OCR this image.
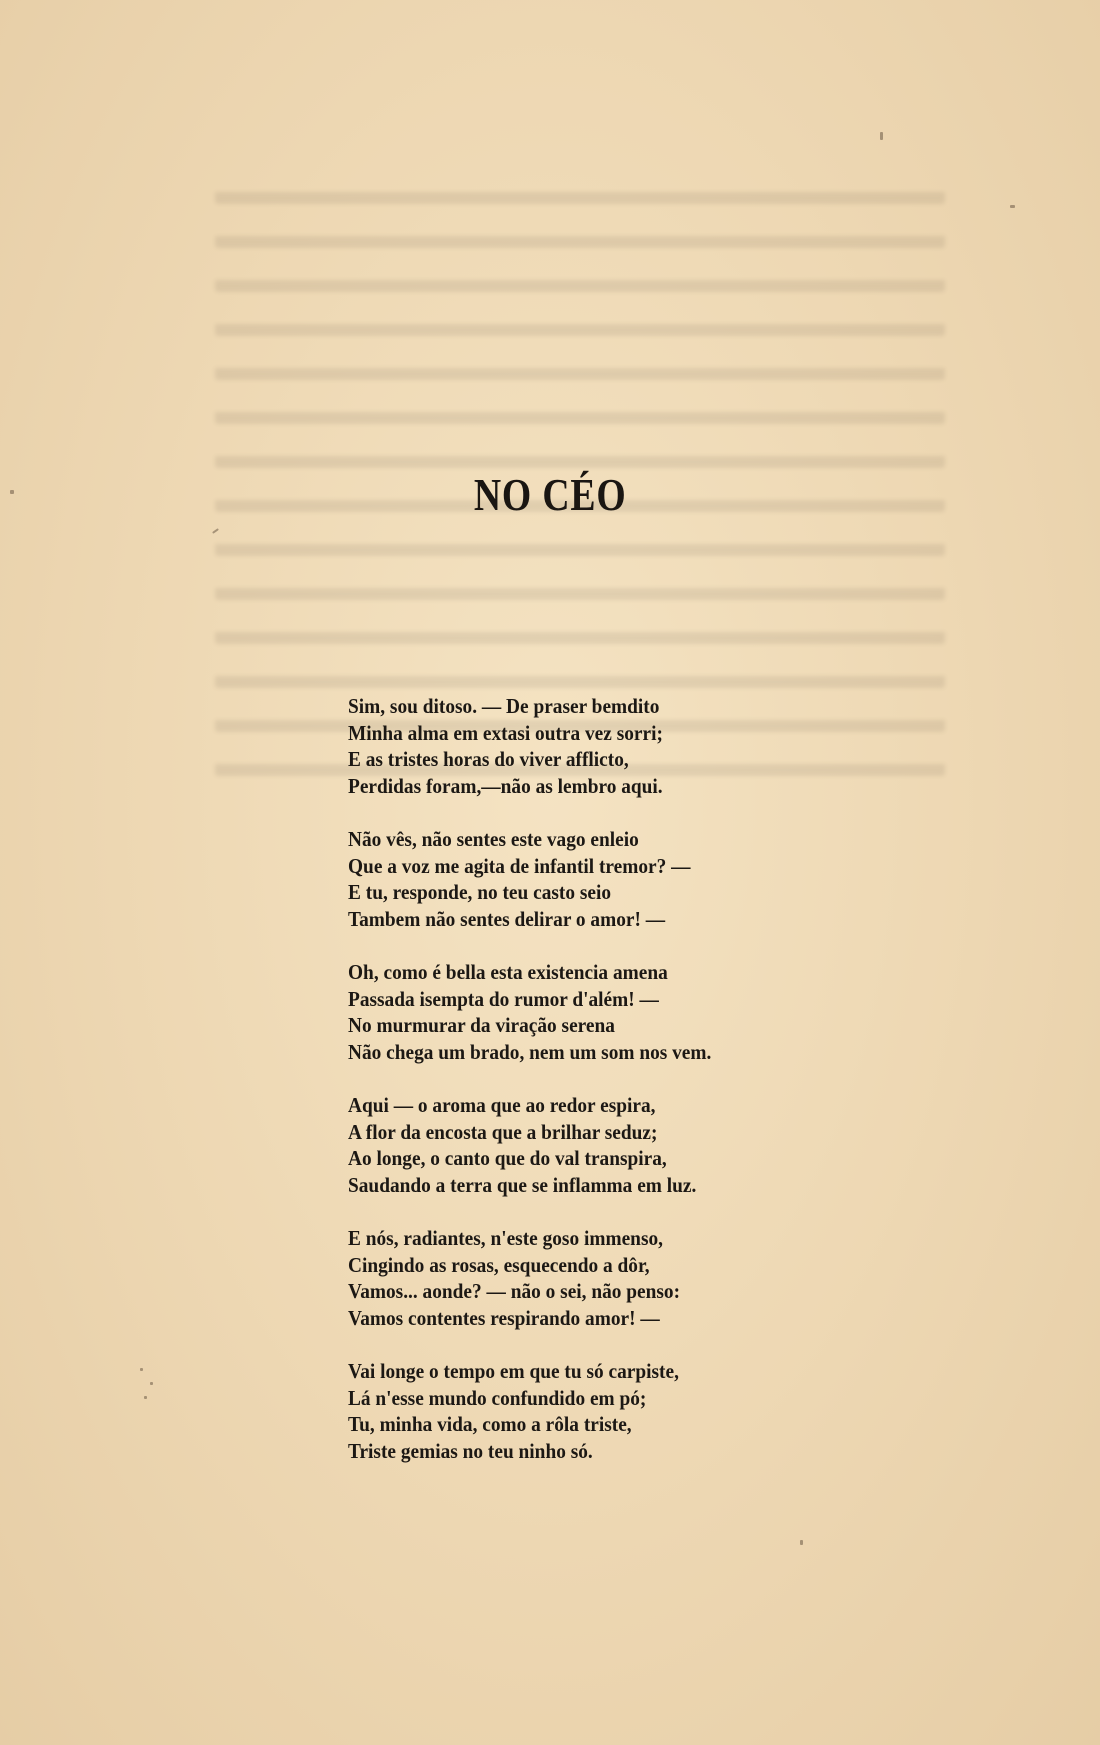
NO CÉO
Sim, sou ditoso. — De praser bemdito
Minha alma em extasi outra vez sorri;
E as tristes horas do viver afflicto,
Perdidas foram,—não as lembro aqui.
Não vês, não sentes este vago enleio
Que a voz me agita de infantil tremor? —
E tu, responde, no teu casto seio
Tambem não sentes delirar o amor! —
Oh, como é bella esta existencia amena
Passada isempta do rumor d'além! —
No murmurar da viração serena
Não chega um brado, nem um som nos vem.
Aqui — o aroma que ao redor espira,
A flor da encosta que a brilhar seduz;
Ao longe, o canto que do val transpira,
Saudando a terra que se inflamma em luz.
E nós, radiantes, n'este goso immenso,
Cingindo as rosas, esquecendo a dôr,
Vamos... aonde? — não o sei, não penso:
Vamos contentes respirando amor! —
Vai longe o tempo em que tu só carpiste,
Lá n'esse mundo confundido em pó;
Tu, minha vida, como a rôla triste,
Triste gemias no teu ninho só.
